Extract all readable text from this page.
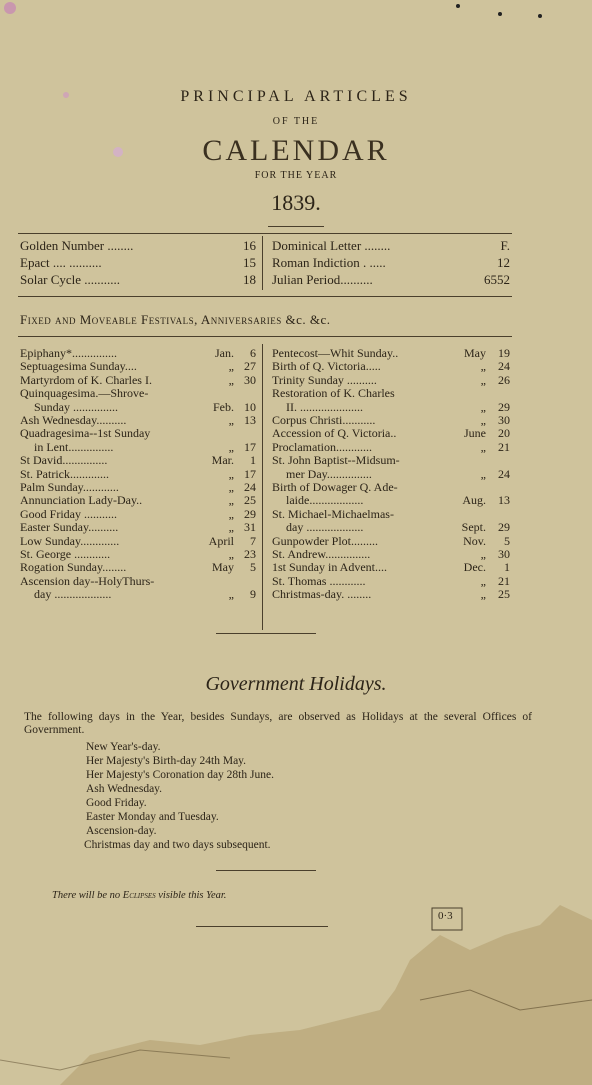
0·3
PRINCIPAL ARTICLES
OF THE
CALENDAR
FOR THE YEAR
1839.
Golden Number ........	16
Epact .... ..........	15
Solar Cycle ...........	18
Dominical Letter ........	F.
Roman Indiction . .....	12
Julian Period..........	6552
Fixed and Moveable Festivals, Anniversaries &c. &c.
Epiphany*...............	Jan. 6
Septuagesima Sunday....	„ 27
Martyrdom of K. Charles I.	„ 30
Quinquagesima.—Shrove-
Sunday ...............	Feb. 10
Ash Wednesday..........	„ 13
Quadragesima--1st Sunday
in Lent...............	„ 17
St David...............	Mar. 1
St. Patrick.............	„ 17
Palm Sunday............	„ 24
Annunciation Lady-Day..	„ 25
Good Friday ...........	„ 29
Easter Sunday..........	„ 31
Low Sunday.............	April 7
St. George ............	„ 23
Rogation Sunday........	May 5
Ascension day--HolyThurs-
day ...................	„ 9
Pentecost—Whit Sunday..	May 19
Birth of Q. Victoria.....	„ 24
Trinity Sunday ..........	„ 26
Restoration of K. Charles
II. .....................	„ 29
Corpus Christi...........	„ 30
Accession of Q. Victoria..	June 20
Proclamation............	„ 21
St. John Baptist--Midsum-
mer Day...............	„ 24
Birth of Dowager Q. Ade-
laide..................	Aug. 13
St. Michael-Michaelmas-
day ...................	Sept. 29
Gunpowder Plot.........	Nov. 5
St. Andrew...............	„ 30
1st Sunday in Advent....	Dec. 1
St. Thomas ............	„ 21
Christmas-day. ........	„ 25
Government Holidays.
The following days in the Year, besides Sundays, are observed as Holidays at the several Offices of Government.
New Year's-day.
Her Majesty's Birth-day 24th May.
Her Majesty's Coronation day 28th June.
Ash Wednesday.
Good Friday.
Easter Monday and Tuesday.
Ascension-day.
Christmas day and two days subsequent.
There will be no Eclipses visible this Year.
